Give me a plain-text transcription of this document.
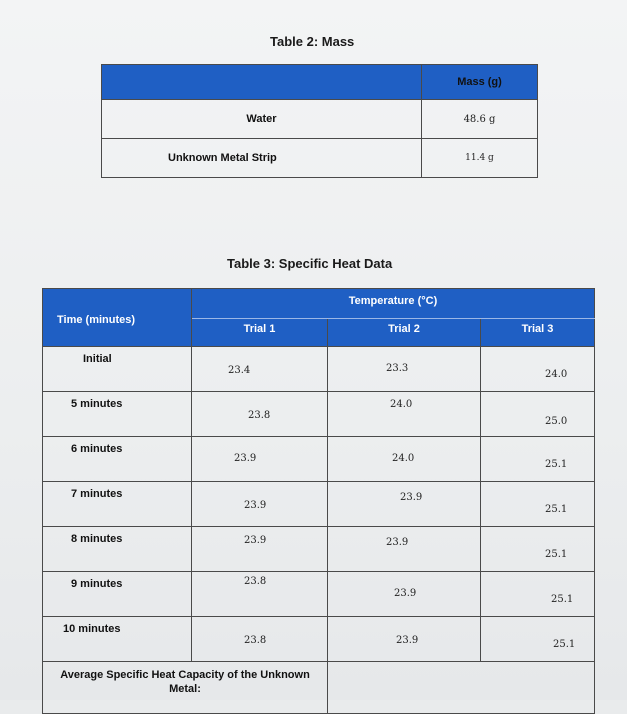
Table 2: Mass
	Mass (g)
Water	48.6 g
Unknown Metal Strip	11.4 g
Table 3: Specific Heat Data
Time (minutes)	Temperature (°C)		
	Trial 1	Trial 2	Trial 3
Initial	23.4	23.3	24.0

5 minutes	23.8	24.0	25.0

6 minutes	23.9	24.0	25.1

7 minutes	23.9	23.9	25.1

8 minutes	23.9	23.9	25.1

9 minutes	23.8	23.9	25.1

10 minutes	23.8	23.9	25.1

Average Specific Heat Capacity of the Unknown Metal:			
